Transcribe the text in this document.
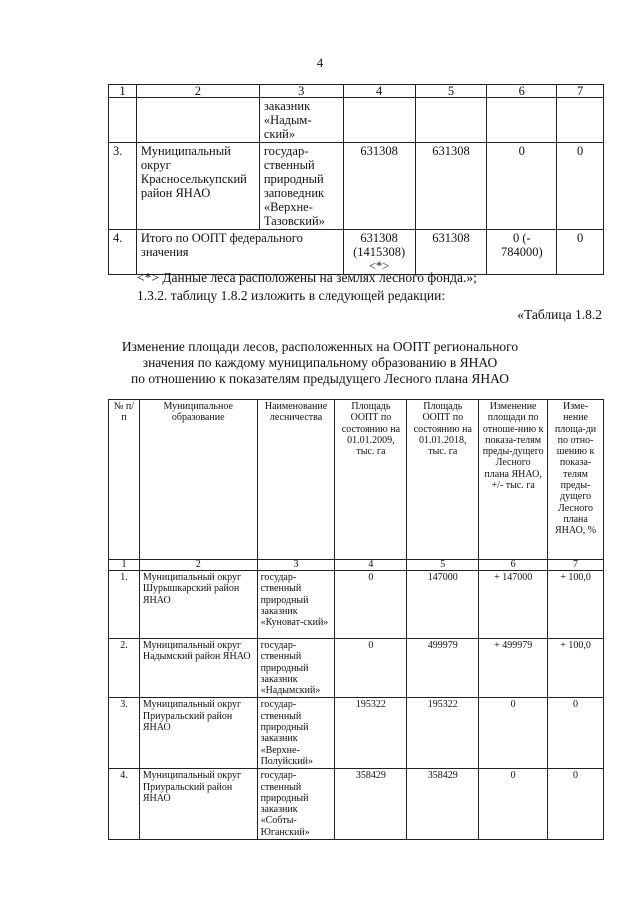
4
1	2	3	4	5	6	7
		заказник «Надым-ский»				
3.	Муниципальный округ Красноселькупский район ЯНАО	государ-ственный природный заповедник «Верхне-Тазовский»	631308	631308	0	0
4.	Итого по ООПТ федерального значения		631308 (1415308) <*>	631308	0 (- 784000)	0
<*> Данные леса расположены на землях лесного фонда.»;
1.3.2. таблицу 1.8.2 изложить в следующей редакции:
«Таблица 1.8.2
Изменение площади лесов, расположенных на ООПТ регионального
значения по каждому муниципальному образованию в ЯНАО
по отношению к показателям предыдущего Лесного плана ЯНАО
№ п/п	Муниципальное образование	Наименование лесничества	Площадь ООПТ по состоянию на 01.01.2009, тыс. га	Площадь ООПТ по состоянию на 01.01.2018, тыс. га	Изменение площади по отноше-нию к показа-телям преды-дущего Лесного плана ЯНАО, +/- тыс. га	Изме-нение площа-ди по отно-шению к показа-телям преды-дущего Лесного плана ЯНАО, %
1	2	3	4	5	6	7
1.	Муниципальный округ Шурышкарский район ЯНАО	государ-ственный природный заказник «Куноват-ский»	0	147000	+ 147000	+ 100,0
2.	Муниципальный округ Надымский район ЯНАО	государ-ственный природный заказник «Надымский»	0	499979	+ 499979	+ 100,0
3.	Муниципальный округ Приуральский район ЯНАО	государ-ственный природный заказник «Верхне-Полуйский»	195322	195322	0	0
4.	Муниципальный округ Приуральский район ЯНАО	государ-ственный природный заказник «Собты-Юганский»	358429	358429	0	0
